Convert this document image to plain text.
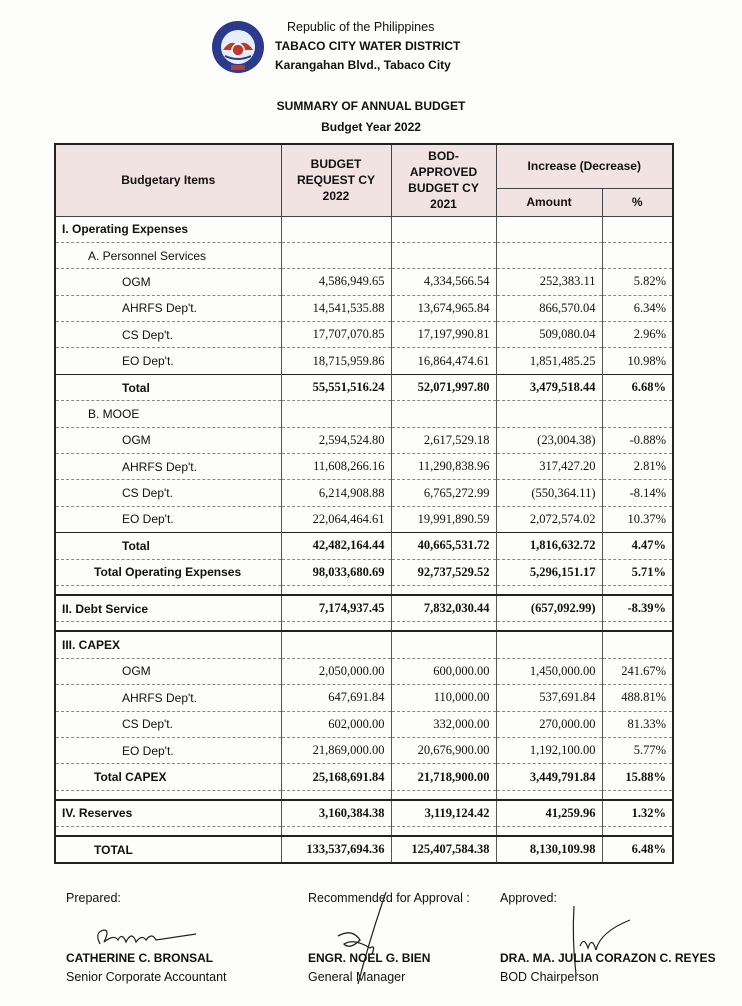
Republic of the Philippines
TABACO CITY WATER DISTRICT
Karangahan Blvd., Tabaco City
SUMMARY OF ANNUAL BUDGET
Budget Year 2022
Budgetary Items	BUDGET REQUEST CY 2022	BOD-APPROVED BUDGET CY 2021	Increase (Decrease)	
			Amount	%
I. Operating Expenses				
A. Personnel Services				
OGM	4,586,949.65	4,334,566.54	252,383.11	5.82%
AHRFS Dep't.	14,541,535.88	13,674,965.84	866,570.04	6.34%
CS Dep't.	17,707,070.85	17,197,990.81	509,080.04	2.96%
EO Dep't.	18,715,959.86	16,864,474.61	1,851,485.25	10.98%
Total	55,551,516.24	52,071,997.80	3,479,518.44	6.68%
B. MOOE				
OGM	2,594,524.80	2,617,529.18	(23,004.38)	-0.88%
AHRFS Dep't.	11,608,266.16	11,290,838.96	317,427.20	2.81%
CS Dep't.	6,214,908.88	6,765,272.99	(550,364.11)	-8.14%
EO Dep't.	22,064,464.61	19,991,890.59	2,072,574.02	10.37%
Total	42,482,164.44	40,665,531.72	1,816,632.72	4.47%
Total Operating Expenses	98,033,680.69	92,737,529.52	5,296,151.17	5.71%

II. Debt Service	7,174,937.45	7,832,030.44	(657,092.99)	-8.39%

III. CAPEX				
OGM	2,050,000.00	600,000.00	1,450,000.00	241.67%
AHRFS Dep't.	647,691.84	110,000.00	537,691.84	488.81%
CS Dep't.	602,000.00	332,000.00	270,000.00	81.33%
EO Dep't.	21,869,000.00	20,676,900.00	1,192,100.00	5.77%
Total CAPEX	25,168,691.84	21,718,900.00	3,449,791.84	15.88%

IV. Reserves	3,160,384.38	3,119,124.42	41,259.96	1.32%

TOTAL	133,537,694.36	125,407,584.38	8,130,109.98	6.48%
Prepared:	Recommended for Approval : Approved:
CATHERINE C. BRONSAL	ENGR. NOEL G. BIEN	DRA. MA. JULIA CORAZON C. REYES
Senior Corporate Accountant	General Manager	BOD Chairperson
